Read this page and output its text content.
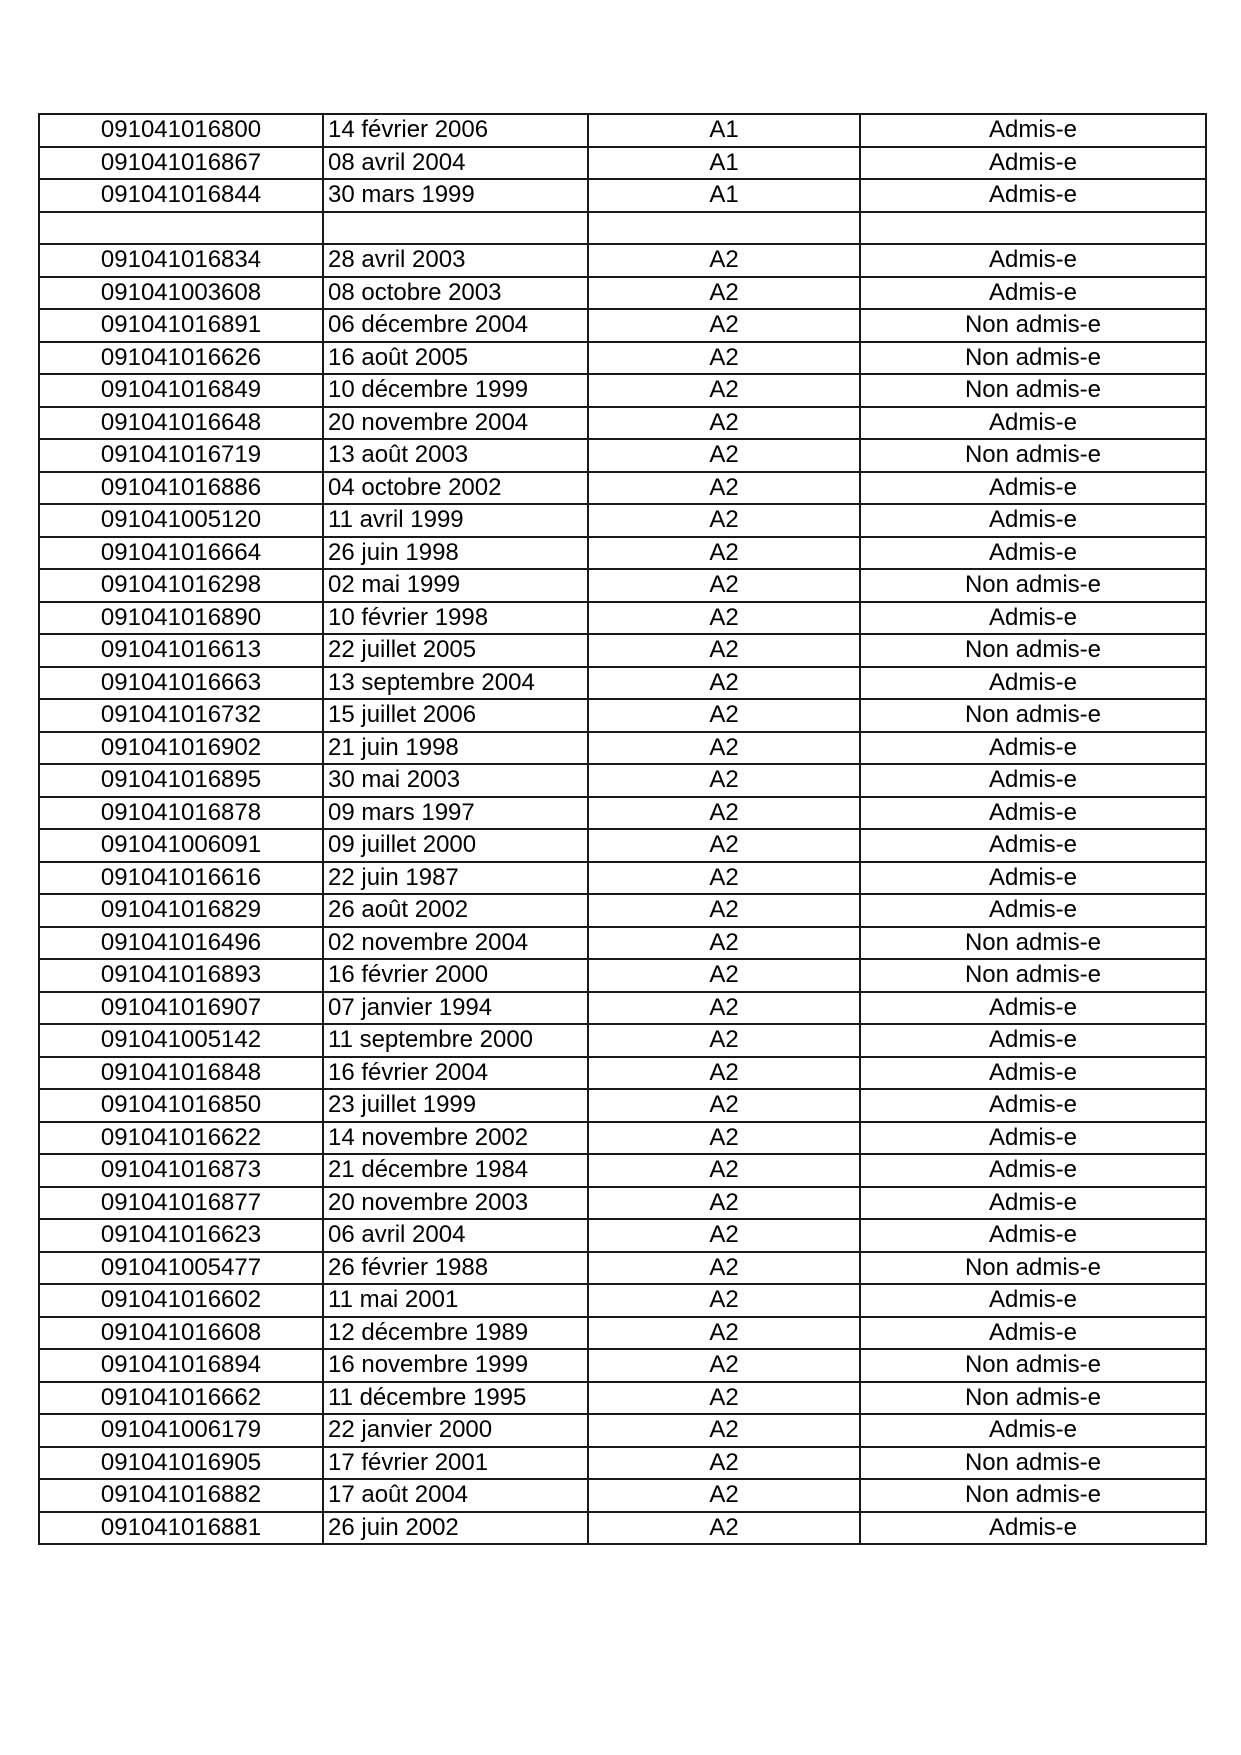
091041016800	14 février 2006	A1	Admis-e
091041016867	08 avril 2004	A1	Admis-e
091041016844	30 mars 1999	A1	Admis-e

091041016834	28 avril 2003	A2	Admis-e
091041003608	08 octobre 2003	A2	Admis-e
091041016891	06 décembre 2004	A2	Non admis-e
091041016626	16 août 2005	A2	Non admis-e
091041016849	10 décembre 1999	A2	Non admis-e
091041016648	20 novembre 2004	A2	Admis-e
091041016719	13 août 2003	A2	Non admis-e
091041016886	04 octobre 2002	A2	Admis-e
091041005120	11 avril 1999	A2	Admis-e
091041016664	26 juin 1998	A2	Admis-e
091041016298	02 mai 1999	A2	Non admis-e
091041016890	10 février 1998	A2	Admis-e
091041016613	22 juillet 2005	A2	Non admis-e
091041016663	13 septembre 2004	A2	Admis-e
091041016732	15 juillet 2006	A2	Non admis-e
091041016902	21 juin 1998	A2	Admis-e
091041016895	30 mai 2003	A2	Admis-e
091041016878	09 mars 1997	A2	Admis-e
091041006091	09 juillet 2000	A2	Admis-e
091041016616	22 juin 1987	A2	Admis-e
091041016829	26 août 2002	A2	Admis-e
091041016496	02 novembre 2004	A2	Non admis-e
091041016893	16 février 2000	A2	Non admis-e
091041016907	07 janvier 1994	A2	Admis-e
091041005142	11 septembre 2000	A2	Admis-e
091041016848	16 février 2004	A2	Admis-e
091041016850	23 juillet 1999	A2	Admis-e
091041016622	14 novembre 2002	A2	Admis-e
091041016873	21 décembre 1984	A2	Admis-e
091041016877	20 novembre 2003	A2	Admis-e
091041016623	06 avril 2004	A2	Admis-e
091041005477	26 février 1988	A2	Non admis-e
091041016602	11 mai 2001	A2	Admis-e
091041016608	12 décembre 1989	A2	Admis-e
091041016894	16 novembre 1999	A2	Non admis-e
091041016662	11 décembre 1995	A2	Non admis-e
091041006179	22 janvier 2000	A2	Admis-e
091041016905	17 février 2001	A2	Non admis-e
091041016882	17 août 2004	A2	Non admis-e
091041016881	26 juin 2002	A2	Admis-e
